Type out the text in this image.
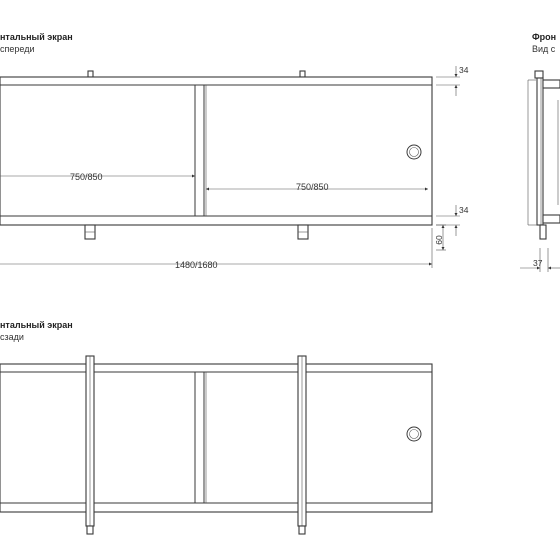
нтальный экран
спереди
34
750/850
750/850
34
60
1480/1680
Фрон
Вид с
37
нтальный экран
сзади
